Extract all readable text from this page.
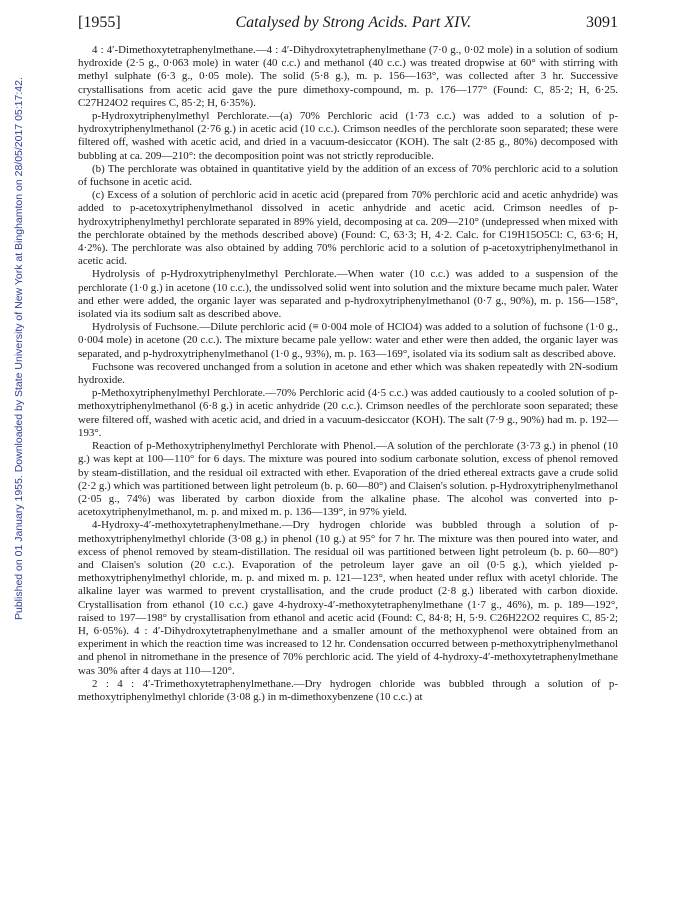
Published on 01 January 1955. Downloaded by State University of New York at Binghamton on 28/05/2017 05:17:42.
[1955]	Catalysed by Strong Acids. Part XIV.	3091

4 : 4′-Dimethoxytetraphenylmethane.—4 : 4′-Dihydroxytetraphenylmethane (7·0 g., 0·02 mole) in a solution of sodium hydroxide (2·5 g., 0·063 mole) in water (40 c.c.) and methanol (40 c.c.) was treated dropwise at 60° with stirring with methyl sulphate (6·3 g., 0·05 mole). The solid (5·8 g.), m. p. 156—163°, was collected after 3 hr. Successive crystallisations from acetic acid gave the pure dimethoxy-compound, m. p. 176—177° (Found: C, 85·2; H, 6·25. C27H24O2 requires C, 85·2; H, 6·35%).

p-Hydroxytriphenylmethyl Perchlorate.—(a) 70% Perchloric acid (1·73 c.c.) was added to a solution of p-hydroxytriphenylmethanol (2·76 g.) in acetic acid (10 c.c.). Crimson needles of the perchlorate soon separated; these were filtered off, washed with acetic acid, and dried in a vacuum-desiccator (KOH). The salt (2·85 g., 80%) decomposed with bubbling at ca. 209—210°: the decomposition point was not strictly reproducible.

(b) The perchlorate was obtained in quantitative yield by the addition of an excess of 70% perchloric acid to a solution of fuchsone in acetic acid.

(c) Excess of a solution of perchloric acid in acetic acid (prepared from 70% perchloric acid and acetic anhydride) was added to p-acetoxytriphenylmethanol dissolved in acetic anhydride and acetic acid. Crimson needles of p-hydroxytriphenylmethyl perchlorate separated in 89% yield, decomposing at ca. 209—210° (undepressed when mixed with the perchlorate obtained by the methods described above) (Found: C, 63·3; H, 4·2. Calc. for C19H15O5Cl: C, 63·6; H, 4·2%). The perchlorate was also obtained by adding 70% perchloric acid to a solution of p-acetoxytriphenylmethanol in acetic acid.

Hydrolysis of p-Hydroxytriphenylmethyl Perchlorate.—When water (10 c.c.) was added to a suspension of the perchlorate (1·0 g.) in acetone (10 c.c.), the undissolved solid went into solution and the mixture became much paler. Water and ether were added, the organic layer was separated and p-hydroxytriphenylmethanol (0·7 g., 90%), m. p. 156—158°, isolated via its sodium salt as described above.

Hydrolysis of Fuchsone.—Dilute perchloric acid (≡ 0·004 mole of HClO4) was added to a solution of fuchsone (1·0 g., 0·004 mole) in acetone (20 c.c.). The mixture became pale yellow: water and ether were then added, the organic layer was separated, and p-hydroxytriphenylmethanol (1·0 g., 93%), m. p. 163—169°, isolated via its sodium salt as described above.

Fuchsone was recovered unchanged from a solution in acetone and ether which was shaken repeatedly with 2N-sodium hydroxide.

p-Methoxytriphenylmethyl Perchlorate.—70% Perchloric acid (4·5 c.c.) was added cautiously to a cooled solution of p-methoxytriphenylmethanol (6·8 g.) in acetic anhydride (20 c.c.). Crimson needles of the perchlorate soon separated; these were filtered off, washed with acetic acid, and dried in a vacuum-desiccator (KOH). The salt (7·9 g., 90%) had m. p. 192—193°.

Reaction of p-Methoxytriphenylmethyl Perchlorate with Phenol.—A solution of the perchlorate (3·73 g.) in phenol (10 g.) was kept at 100—110° for 6 days. The mixture was poured into sodium carbonate solution, excess of phenol removed by steam-distillation, and the residual oil extracted with ether. Evaporation of the dried ethereal extracts gave a crude solid (2·2 g.) which was partitioned between light petroleum (b. p. 60—80°) and Claisen's solution. p-Hydroxytriphenylmethanol (2·05 g., 74%) was liberated by carbon dioxide from the alkaline phase. The alcohol was converted into p-acetoxytriphenylmethanol, m. p. and mixed m. p. 136—139°, in 97% yield.

4-Hydroxy-4′-methoxytetraphenylmethane.—Dry hydrogen chloride was bubbled through a solution of p-methoxytriphenylmethyl chloride (3·08 g.) in phenol (10 g.) at 95° for 7 hr. The mixture was then poured into water, and excess of phenol removed by steam-distillation. The residual oil was partitioned between light petroleum (b. p. 60—80°) and Claisen's solution (20 c.c.). Evaporation of the petroleum layer gave an oil (0·5 g.), which yielded p-methoxytriphenylmethyl chloride, m. p. and mixed m. p. 121—123°, when heated under reflux with acetyl chloride. The alkaline layer was warmed to prevent crystallisation, and the crude product (2·8 g.) liberated with carbon dioxide. Crystallisation from ethanol (10 c.c.) gave 4-hydroxy-4′-methoxytetraphenylmethane (1·7 g., 46%), m. p. 189—192°, raised to 197—198° by crystallisation from ethanol and acetic acid (Found: C, 84·8; H, 5·9. C26H22O2 requires C, 85·2; H, 6·05%). 4 : 4′-Dihydroxytetraphenylmethane and a smaller amount of the methoxyphenol were obtained from an experiment in which the reaction time was increased to 12 hr. Condensation occurred between p-methoxytriphenylmethanol and phenol in nitromethane in the presence of 70% perchloric acid. The yield of 4-hydroxy-4′-methoxytetraphenylmethane was 30% after 4 days at 110—120°.

2 : 4 : 4′-Trimethoxytetraphenylmethane.—Dry hydrogen chloride was bubbled through a solution of p-methoxytriphenylmethyl chloride (3·08 g.) in m-dimethoxybenzene (10 c.c.) at
